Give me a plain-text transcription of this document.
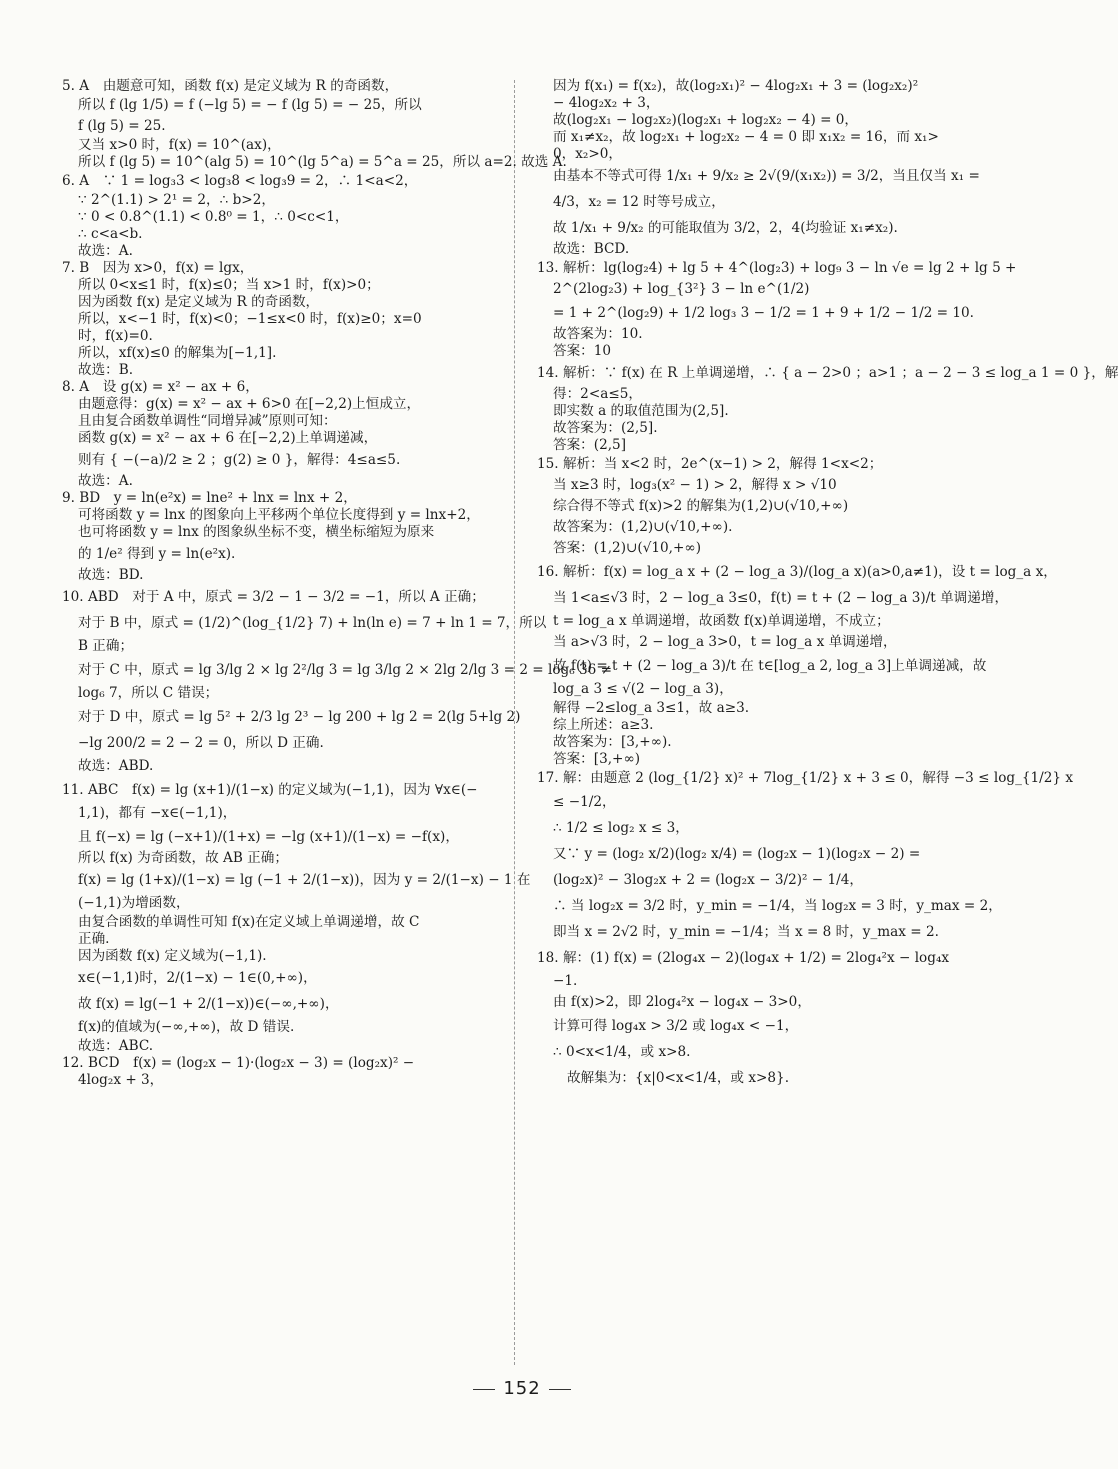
5. A　由题意可知，函数 f(x) 是定义域为 R 的奇函数，
所以 f (lg 1/5) = f (−lg 5) = − f (lg 5) = − 25，所以
f (lg 5) = 25.
又当 x>0 时，f(x) = 10^(ax)，
所以 f (lg 5) = 10^(alg 5) = 10^(lg 5^a) = 5^a = 25，所以 a=2. 故选 A.
6. A　∵ 1 = log₃3 < log₃8 < log₃9 = 2，∴ 1<a<2，
∵ 2^(1.1) > 2¹ = 2，∴ b>2，
∵ 0 < 0.8^(1.1) < 0.8⁰ = 1，∴ 0<c<1，
∴ c<a<b.
故选：A.
7. B　因为 x>0，f(x) = lgx，
所以 0<x≤1 时，f(x)≤0；当 x>1 时，f(x)>0；
因为函数 f(x) 是定义域为 R 的奇函数，
所以，x<−1 时，f(x)<0；−1≤x<0 时，f(x)≥0；x=0
时，f(x)=0.
所以，xf(x)≤0 的解集为[−1,1].
故选：B.
8. A　设 g(x) = x² − ax + 6，
由题意得：g(x) = x² − ax + 6>0 在[−2,2)上恒成立，
且由复合函数单调性“同增异减”原则可知：
函数 g(x) = x² − ax + 6 在[−2,2)上单调递减，
则有 { −(−a)/2 ≥ 2 ；g(2) ≥ 0 }，解得：4≤a≤5.
故选：A.
9. BD　y = ln(e²x) = lne² + lnx = lnx + 2，
可将函数 y = lnx 的图象向上平移两个单位长度得到 y = lnx+2，
也可将函数 y = lnx 的图象纵坐标不变，横坐标缩短为原来
的 1/e² 得到 y = ln(e²x).
故选：BD.
10. ABD　对于 A 中，原式 = 3/2 − 1 − 3/2 = −1，所以 A 正确；
对于 B 中，原式 = (1/2)^(log_{1/2} 7) + ln(ln e) = 7 + ln 1 = 7，所以
B 正确；
对于 C 中，原式 = lg 3/lg 2 × lg 2²/lg 3 = lg 3/lg 2 × 2lg 2/lg 3 = 2 = log₆ 36 ≠
log₆ 7，所以 C 错误；
对于 D 中，原式 = lg 5² + 2/3 lg 2³ − lg 200 + lg 2 = 2(lg 5+lg 2)
−lg 200/2 = 2 − 2 = 0，所以 D 正确.
故选：ABD.
11. ABC　f(x) = lg (x+1)/(1−x) 的定义域为(−1,1)，因为 ∀x∈(−
1,1)，都有 −x∈(−1,1)，
且 f(−x) = lg (−x+1)/(1+x) = −lg (x+1)/(1−x) = −f(x)，
所以 f(x) 为奇函数，故 AB 正确；
f(x) = lg (1+x)/(1−x) = lg (−1 + 2/(1−x))，因为 y = 2/(1−x) − 1 在
(−1,1)为增函数，
由复合函数的单调性可知 f(x)在定义域上单调递增，故 C
正确.
因为函数 f(x) 定义域为(−1,1).
x∈(−1,1)时，2/(1−x) − 1∈(0,+∞)，
故 f(x) = lg(−1 + 2/(1−x))∈(−∞,+∞)，
f(x)的值域为(−∞,+∞)，故 D 错误.
故选：ABC.
12. BCD　f(x) = (log₂x − 1)·(log₂x − 3) = (log₂x)² −
4log₂x + 3，
因为 f(x₁) = f(x₂)，故(log₂x₁)² − 4log₂x₁ + 3 = (log₂x₂)²
− 4log₂x₂ + 3，
故(log₂x₁ − log₂x₂)(log₂x₁ + log₂x₂ − 4) = 0，
而 x₁≠x₂，故 log₂x₁ + log₂x₂ − 4 = 0 即 x₁x₂ = 16，而 x₁>
0，x₂>0，
由基本不等式可得 1/x₁ + 9/x₂ ≥ 2√(9/(x₁x₂)) = 3/2，当且仅当 x₁ =
4/3，x₂ = 12 时等号成立，
故 1/x₁ + 9/x₂ 的可能取值为 3/2，2，4(均验证 x₁≠x₂).
故选：BCD.
13. 解析：lg(log₂4) + lg 5 + 4^(log₂3) + log₉ 3 − ln √e = lg 2 + lg 5 +
2^(2log₂3) + log_{3²} 3 − ln e^(1/2)
= 1 + 2^(log₂9) + 1/2 log₃ 3 − 1/2 = 1 + 9 + 1/2 − 1/2 = 10.
故答案为：10.
答案：10
14. 解析：∵ f(x) 在 R 上单调递增，∴ { a − 2>0 ；a>1 ；a − 2 − 3 ≤ log_a 1 = 0 }，解
得：2<a≤5，
即实数 a 的取值范围为(2,5].
故答案为：(2,5].
答案：(2,5]
15. 解析：当 x<2 时，2e^(x−1) > 2，解得 1<x<2；
当 x≥3 时，log₃(x² − 1) > 2，解得 x > √10
综合得不等式 f(x)>2 的解集为(1,2)∪(√10,+∞)
故答案为：(1,2)∪(√10,+∞).
答案：(1,2)∪(√10,+∞)
16. 解析：f(x) = log_a x + (2 − log_a 3)/(log_a x)(a>0,a≠1)，设 t = log_a x，
当 1<a≤√3 时，2 − log_a 3≤0，f(t) = t + (2 − log_a 3)/t 单调递增，
t = log_a x 单调递增，故函数 f(x)单调递增，不成立；
当 a>√3 时，2 − log_a 3>0，t = log_a x 单调递增，
故 f(t) = t + (2 − log_a 3)/t 在 t∈[log_a 2, log_a 3]上单调递减，故
log_a 3 ≤ √(2 − log_a 3)，
解得 −2≤log_a 3≤1，故 a≥3.
综上所述：a≥3.
故答案为：[3,+∞).
答案：[3,+∞)
17. 解：由题意 2 (log_{1/2} x)² + 7log_{1/2} x + 3 ≤ 0，解得 −3 ≤ log_{1/2} x
≤ −1/2，
∴ 1/2 ≤ log₂ x ≤ 3，
又∵ y = (log₂ x/2)(log₂ x/4) = (log₂x − 1)(log₂x − 2) =
(log₂x)² − 3log₂x + 2 = (log₂x − 3/2)² − 1/4，
∴ 当 log₂x = 3/2 时，y_min = −1/4，当 log₂x = 3 时，y_max = 2，
即当 x = 2√2 时，y_min = −1/4；当 x = 8 时，y_max = 2.
18. 解：(1) f(x) = (2log₄x − 2)(log₄x + 1/2) = 2log₄²x − log₄x
−1.
由 f(x)>2，即 2log₄²x − log₄x − 3>0，
计算可得 log₄x > 3/2 或 log₄x < −1，
∴ 0<x<1/4，或 x>8.
故解集为：{x|0<x<1/4，或 x>8}.
152
